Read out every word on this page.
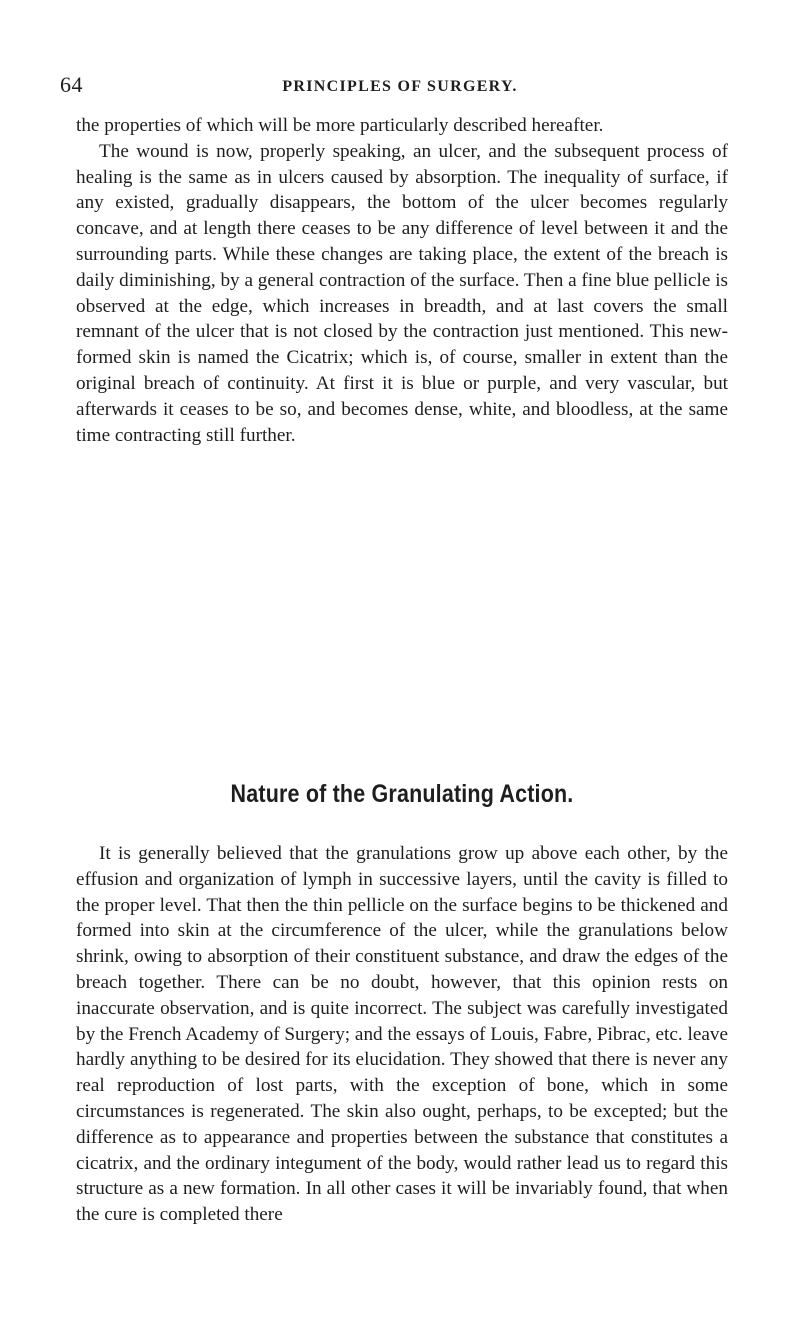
64	PRINCIPLES OF SURGERY.

the properties of which will be more particularly described hereafter.

The wound is now, properly speaking, an ulcer, and the subsequent process of healing is the same as in ulcers caused by absorption. The inequality of surface, if any existed, gradually disappears, the bottom of the ulcer becomes regularly concave, and at length there ceases to be any difference of level between it and the surrounding parts. While these changes are taking place, the extent of the breach is daily diminishing, by a general contraction of the surface. Then a fine blue pellicle is observed at the edge, which increases in breadth, and at last covers the small remnant of the ulcer that is not closed by the contraction just mentioned. This new-formed skin is named the Cicatrix; which is, of course, smaller in extent than the original breach of continuity. At first it is blue or purple, and very vascular, but afterwards it ceases to be so, and becomes dense, white, and bloodless, at the same time contracting still further.

Nature of the Granulating Action.

It is generally believed that the granulations grow up above each other, by the effusion and organization of lymph in successive layers, until the cavity is filled to the proper level. That then the thin pellicle on the surface begins to be thickened and formed into skin at the circumference of the ulcer, while the granulations below shrink, owing to absorption of their constituent substance, and draw the edges of the breach together. There can be no doubt, however, that this opinion rests on inaccurate observation, and is quite incorrect. The subject was carefully investigated by the French Academy of Surgery; and the essays of Louis, Fabre, Pibrac, etc. leave hardly anything to be desired for its elucidation. They showed that there is never any real reproduction of lost parts, with the exception of bone, which in some circumstances is regenerated. The skin also ought, perhaps, to be excepted; but the difference as to appearance and properties between the substance that constitutes a cicatrix, and the ordinary integument of the body, would rather lead us to regard this structure as a new formation. In all other cases it will be invariably found, that when the cure is completed there
